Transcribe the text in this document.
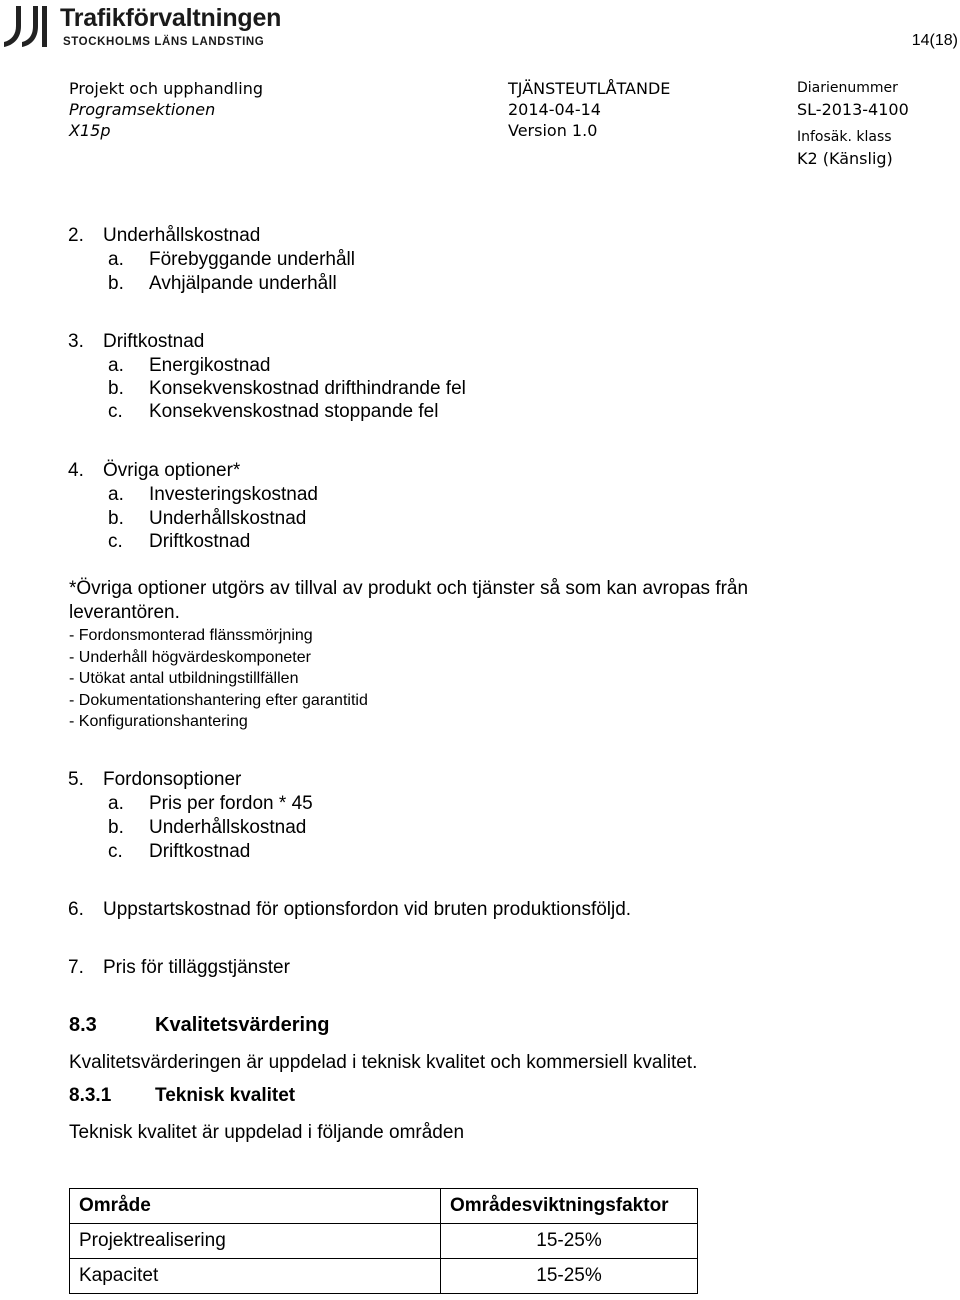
Trafikförvaltningen
STOCKHOLMS LÄNS LANDSTING	14(18)
Projekt och upphandling
Programsektionen
X15p
TJÄNSTEUTLÅTANDE
2014-04-14
Version 1.0
Diarienummer
SL-2013-4100
Infosäk. klass
K2 (Känslig)
2. Underhållskostnad
a. Förebyggande underhåll
b. Avhjälpande underhåll
3. Driftkostnad
a. Energikostnad
b. Konsekvenskostnad drifthindrande fel
c. Konsekvenskostnad stoppande fel
4. Övriga optioner*
a. Investeringskostnad
b. Underhållskostnad
c. Driftkostnad
*Övriga optioner utgörs av tillval av produkt och tjänster så som kan avropas från
leverantören.
- Fordonsmonterad flänssmörjning
- Underhåll högvärdeskomponeter
- Utökat antal utbildningstillfällen
- Dokumentationshantering efter garantitid
- Konfigurationshantering
5. Fordonsoptioner
a. Pris per fordon * 45
b. Underhållskostnad
c. Driftkostnad
6. Uppstartskostnad för optionsfordon vid bruten produktionsföljd.
7. Pris för tilläggstjänster
8.3	Kvalitetsvärdering
Kvalitetsvärderingen är uppdelad i teknisk kvalitet och kommersiell kvalitet.
8.3.1 Teknisk kvalitet
Teknisk kvalitet är uppdelad i följande områden
Område	Områdesviktningsfaktor
Projektrealisering	15-25%
Kapacitet	15-25%
